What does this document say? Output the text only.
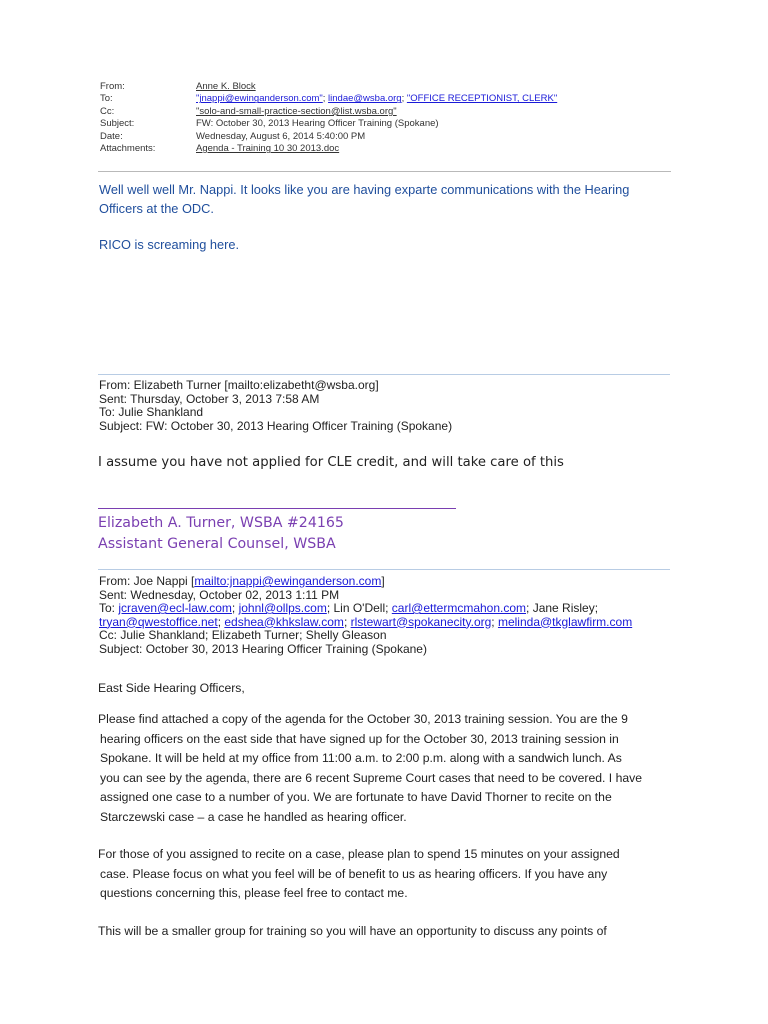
From:	Anne K. Block
To:	"jnappi@ewinganderson.com"; lindae@wsba.org; "OFFICE RECEPTIONIST, CLERK"
Cc:	"solo-and-small-practice-section@list.wsba.org"
Subject:	FW: October 30, 2013 Hearing Officer Training (Spokane)
Date:	Wednesday, August 6, 2014 5:40:00 PM
Attachments:	Agenda - Training 10 30 2013.doc

Well well well Mr. Nappi. It looks like you are having exparte communications with the Hearing

Officers at the ODC.

RICO is screaming here.

From: Elizabeth Turner [mailto:elizabetht@wsba.org]
Sent: Thursday, October 3, 2013 7:58 AM
To: Julie Shankland
Subject: FW: October 30, 2013 Hearing Officer Training (Spokane)
I assume you have not applied for CLE credit, and will take care of this
Elizabeth A. Turner, WSBA #24165
Assistant General Counsel, WSBA
From: Joe Nappi [mailto:jnappi@ewinganderson.com]
Sent: Wednesday, October 02, 2013 1:11 PM
To: jcraven@ecl-law.com; johnl@ollps.com; Lin O'Dell; carl@ettermcmahon.com; Jane Risley;
tryan@qwestoffice.net; edshea@khkslaw.com; rlstewart@spokanecity.org; melinda@tkglawfirm.com
Cc: Julie Shankland; Elizabeth Turner; Shelly Gleason
Subject: October 30, 2013 Hearing Officer Training (Spokane)
East Side Hearing Officers,

Please find attached a copy of the agenda for the October 30, 2013 training session. You are the 9

hearing officers on the east side that have signed up for the October 30, 2013 training session in

Spokane. It will be held at my office from 11:00 a.m. to 2:00 p.m. along with a sandwich lunch. As

you can see by the agenda, there are 6 recent Supreme Court cases that need to be covered. I have

assigned one case to a number of you. We are fortunate to have David Thorner to recite on the

Starczewski case – a case he handled as hearing officer.

For those of you assigned to recite on a case, please plan to spend 15 minutes on your assigned

case. Please focus on what you feel will be of benefit to us as hearing officers. If you have any

questions concerning this, please feel free to contact me.

This will be a smaller group for training so you will have an opportunity to discuss any points of
